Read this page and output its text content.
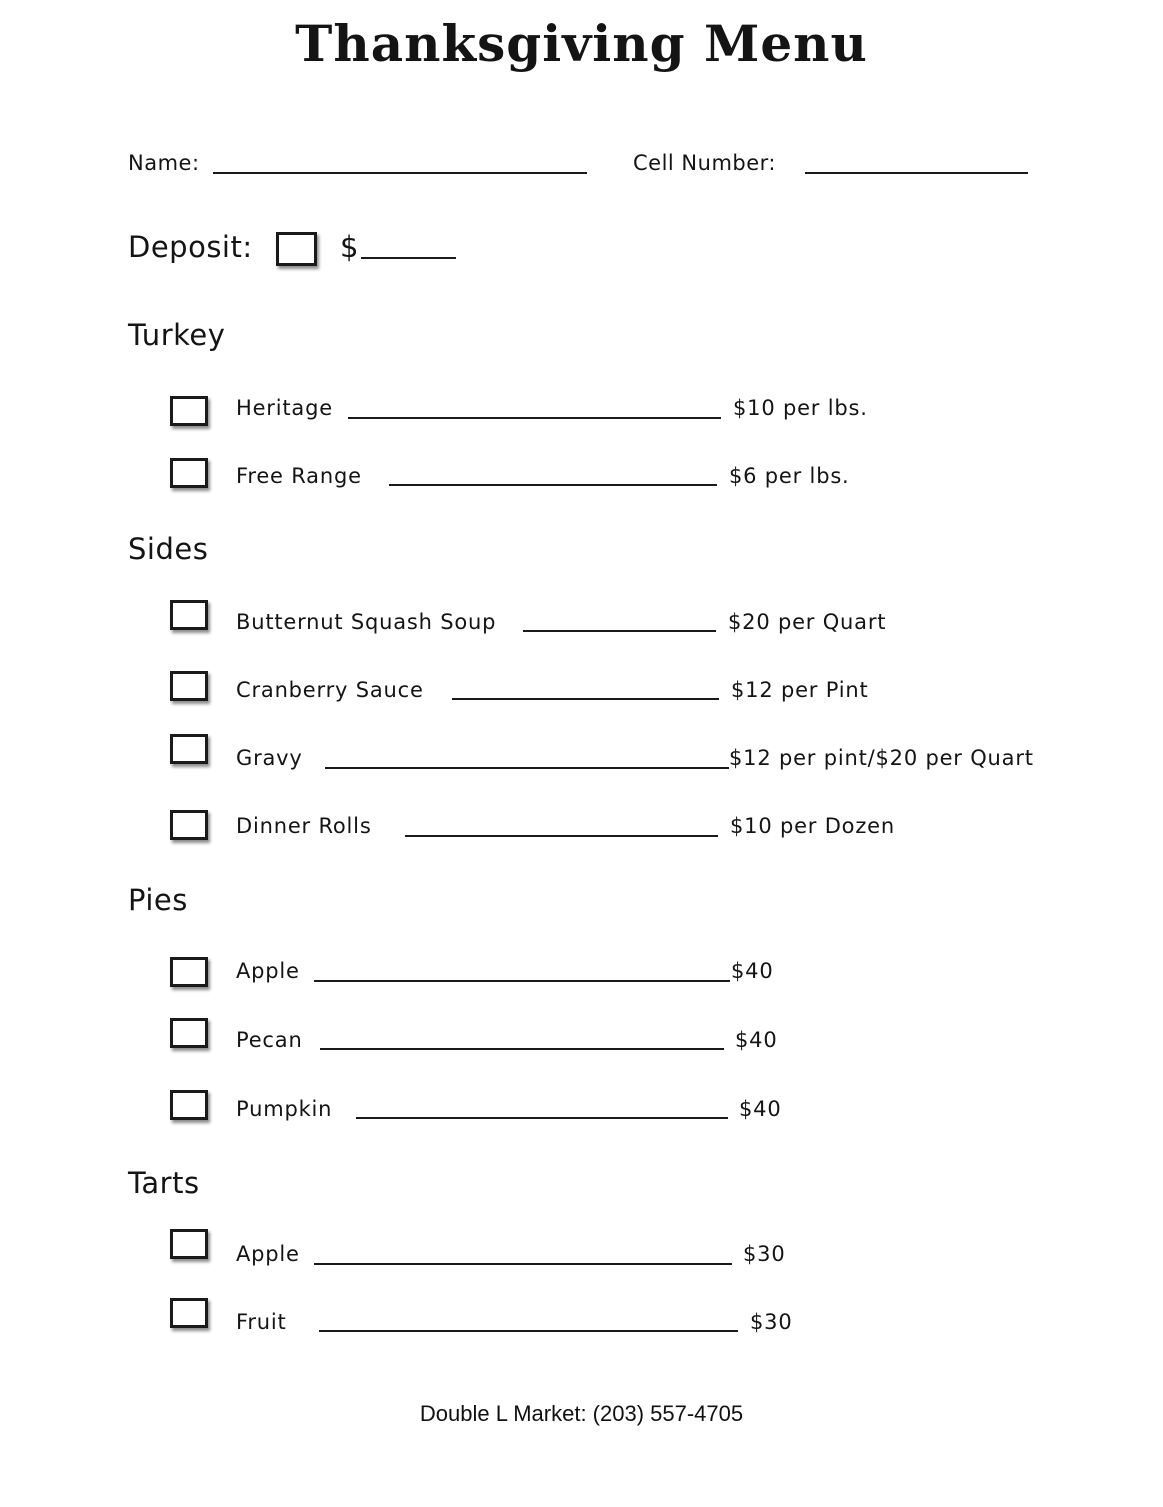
Thanksgiving Menu
Name:	Cell Number:
Deposit:	$
Turkey
Heritage	$10 per lbs.
Free Range	$6 per lbs.
Sides
Butternut Squash Soup	$20 per Quart
Cranberry Sauce	$12 per Pint
Gravy	$12 per pint/$20 per Quart
Dinner Rolls	$10 per Dozen
Pies
Apple	$40
Pecan	$40
Pumpkin	$40
Tarts
Apple	$30
Fruit	$30
Double L Market: (203) 557-4705
